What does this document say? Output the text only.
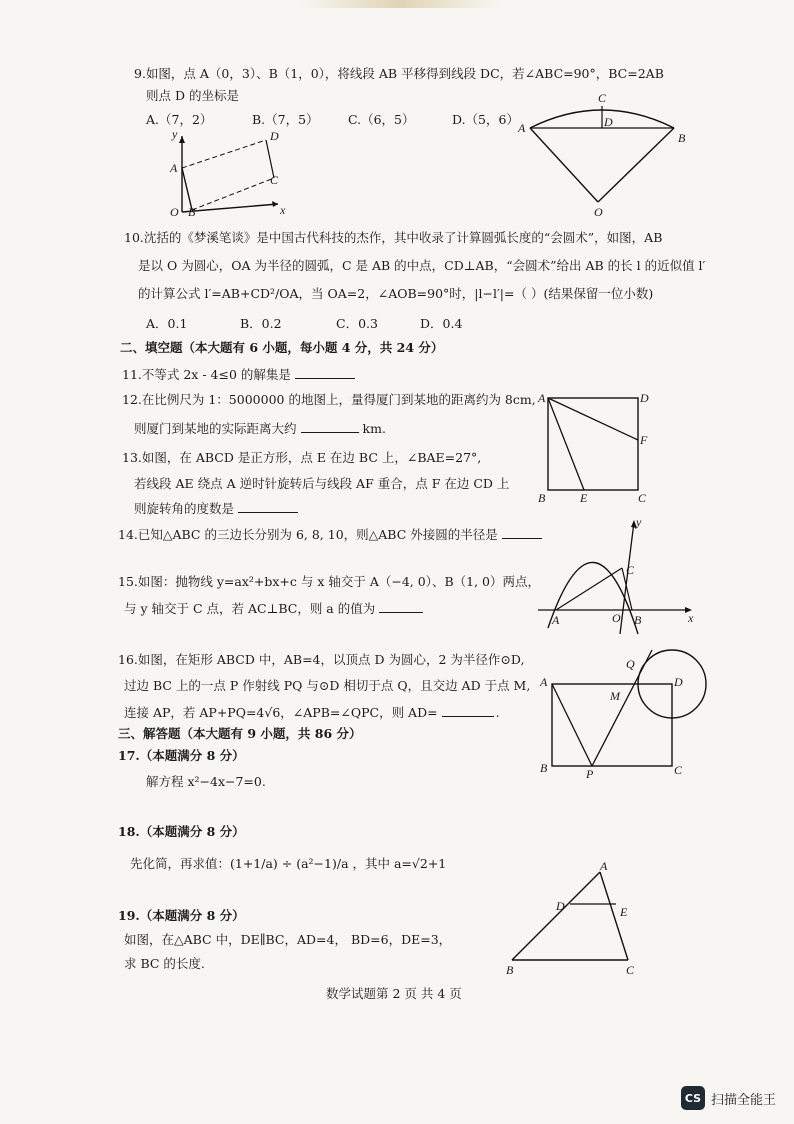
9.如图，点 A（0，3）、B（1，0），将线段 AB 平移得到线段 DC，若∠ABC=90°，BC=2AB
则点 D 的坐标是
A.（7，2）	B.（7，5） C.（6，5）	D.（5，6）
y
x
A
O B
C
D
C
D
A
B
O
10.沈括的《梦溪笔谈》是中国古代科技的杰作，其中收录了计算圆弧长度的“会圆术”，如图，AB
是以 O 为圆心，OA 为半径的圆弧，C 是 AB 的中点，CD⊥AB，“会圆术”给出 AB 的长 l 的近似值 l′
的计算公式 l′=AB+CD²/OA，当 OA=2，∠AOB=90°时，|l−l′|=（ ）(结果保留一位小数)
A．0.1	B．0.2	C．0.3	D．0.4
二、填空题（本大题有 6 小题，每小题 4 分，共 24 分）
11.不等式 2x - 4≤0 的解集是
12.在比例尺为 1：5000000 的地图上，量得厦门到某地的距离约为 8cm,
则厦门到某地的实际距离大约	km.
13.如图，在 ABCD 是正方形，点 E 在边 BC 上，∠BAE=27°,
若线段 AE 绕点 A 逆时针旋转后与线段 AF 重合，点 F 在边 CD 上
则旋转角的度数是
A	D
F
B	E	C
14.已知△ABC 的三边长分别为 6, 8, 10，则△ABC 外接圆的半径是
15.如图：抛物线 y=ax²+bx+c 与 x 轴交于 A（−4, 0）、B（1, 0）两点，
与 y 轴交于 C 点，若 AC⊥BC，则 a 的值为
y
x
C
A	O B
16.如图，在矩形 ABCD 中，AB=4，以顶点 D 为圆心，2 为半径作⊙D,
过边 BC 上的一点 P 作射线 PQ 与⊙D 相切于点 Q，且交边 AD 于点 M,
连接 AP，若 AP+PQ=4√6，∠APB=∠QPC，则 AD=	.
Q
D
A
M
B	P	C
三、解答题（本大题有 9 小题，共 86 分）
17.（本题满分 8 分）
解方程 x²−4x−7=0.
18.（本题满分 8 分）
先化简，再求值：(1+1/a) ÷ (a²−1)/a ，其中 a=√2+1
19.（本题满分 8 分）
如图，在△ABC 中，DE∥BC，AD=4， BD=6，DE=3，
求 BC 的长度.
A
D	E
B	C
数学试题第 2 页 共 4 页
CS 扫描全能王
